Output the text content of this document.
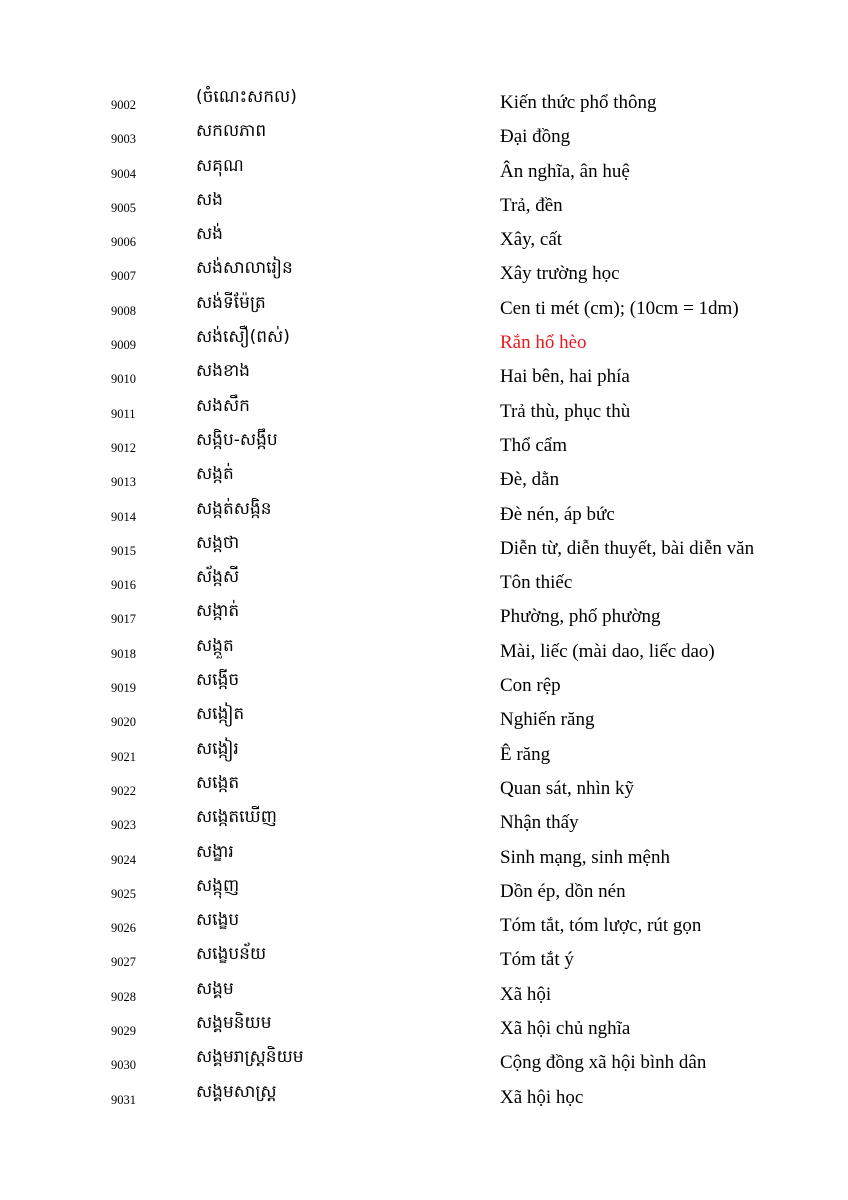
9002	(ចំណេះសកល)	Kiến thức phổ thông
9003	សកលភាព	Đại đồng
9004	សគុណ	Ân nghĩa, ân huệ
9005	សង	Trả, đền
9006	សង់	Xây, cất
9007	សង់សាលារៀន	Xây trường học
9008	សង់ទីម៉ែត្រ	Cen ti mét (cm); (10cm = 1dm)
9009	សង់សឿ(ពស់)	Rắn hổ hèo
9010	សងខាង	Hai bên, hai phía
9011	សងសឹក	Trả thù, phục thù
9012	សង្កិប-សង្កឹប	Thổ cẩm
9013	សង្កត់	Đè, dằn
9014	សង្កត់សង្កិន	Đè nén, áp bức
9015	សង្កថា	Diễn từ, diễn thuyết, bài diễn văn
9016	ស័ង្កសី	Tôn thiếc
9017	សង្កាត់	Phường, phố phường
9018	សង្កួត	Mài, liếc (mài dao, liếc dao)
9019	សង្កើច	Con rệp
9020	សង្កៀត	Nghiến răng
9021	សង្កៀរ	Ê răng
9022	សង្កេត	Quan sát, nhìn kỹ
9023	សង្កេតឃើញ	Nhận thấy
9024	សង្ខារ	Sinh mạng, sinh mệnh
9025	សង្កុញ	Dồn ép, dồn nén
9026	សង្ខេប	Tóm tắt, tóm lược, rút gọn
9027	សង្ខេបន័យ	Tóm tắt ý
9028	សង្គម	Xã hội
9029	សង្គមនិយម	Xã hội chủ nghĩa
9030	សង្គមរាស្ត្រនិយម	Cộng đồng xã hội bình dân
9031	សង្គមសាស្ត្រ	Xã hội học
